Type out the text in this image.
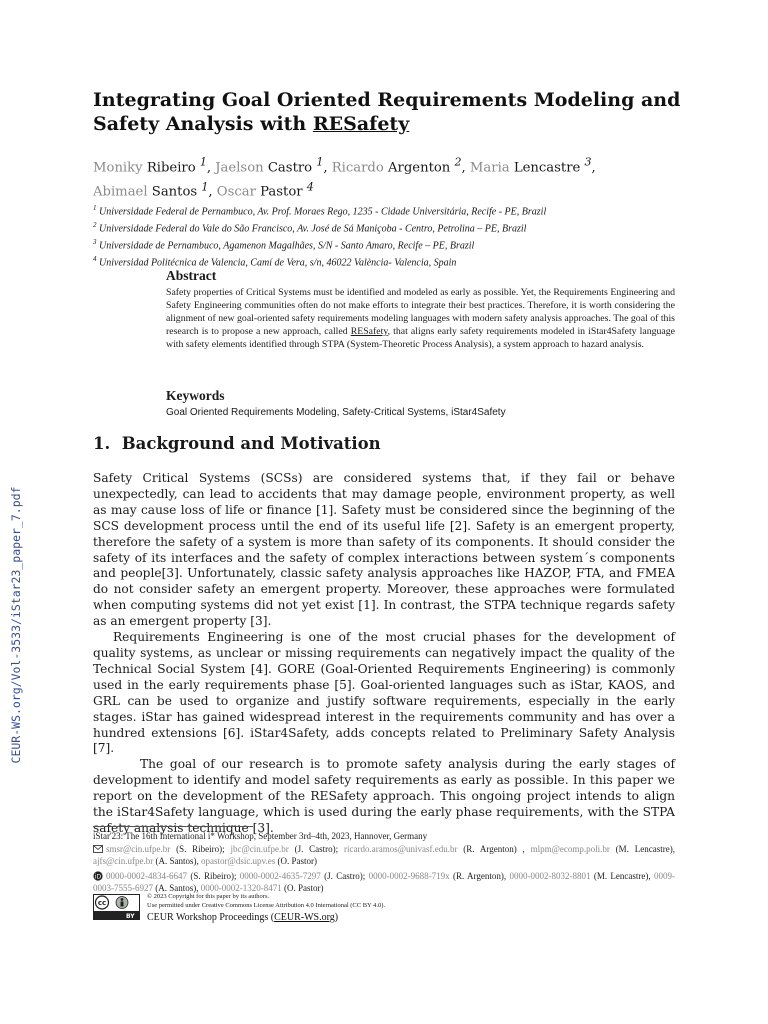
CEUR-WS.org/Vol-3533/iStar23_paper_7.pdf
Integrating Goal Oriented Requirements Modeling and
Safety Analysis with RESafety
Moniky Ribeiro $^1$, Jaelson Castro $^1$, Ricardo Argenton $^2$, Maria Lencastre $^3$,
Abimael Santos $^1$, Oscar Pastor $^4$
$^1$ Universidade Federal de Pernambuco, Av. Prof. Moraes Rego, 1235 - Cidade Universitária, Recife - PE, Brazil
$^2$ Universidade Federal do Vale do São Francisco, Av. José de Sá Maniçoba - Centro, Petrolina – PE, Brazil
$^3$ Universidade de Pernambuco, Agamenon Magalhães, S/N - Santo Amaro, Recife – PE, Brazil
$^4$ Universidad Politécnica de Valencia, Camí de Vera, s/n, 46022 València- Valencia, Spain
Abstract

Safety properties of Critical Systems must be identified and modeled as early as possible. Yet, the Requirements Engineering and Safety Engineering communities often do not make efforts to integrate their best practices. Therefore, it is worth considering the alignment of new goal-oriented safety requirements modeling languages with modern safety analysis approaches. The goal of this research is to propose a new approach, called RESafety, that aligns early safety requirements modeled in iStar4Safety language with safety elements identified through STPA (System-Theoretic Process Analysis), a system approach to hazard analysis.

Keywords

Goal Oriented Requirements Modeling, Safety-Critical Systems, iStar4Safety

1. Background and Motivation

Safety Critical Systems (SCSs) are considered systems that, if they fail or behave unexpectedly, can lead to accidents that may damage people, environment property, as well as may cause loss of life or finance [1]. Safety must be considered since the beginning of the SCS development process until the end of its useful life [2]. Safety is an emergent property, therefore the safety of a system is more than safety of its components. It should consider the safety of its interfaces and the safety of complex interactions between system´s components and people[3]. Unfortunately, classic safety analysis approaches like HAZOP, FTA, and FMEA do not consider safety an emergent property. Moreover, these approaches were formulated when computing systems did not yet exist [1]. In contrast, the STPA technique regards safety as an emergent property [3].

Requirements Engineering is one of the most crucial phases for the development of quality systems, as unclear or missing requirements can negatively impact the quality of the Technical Social System [4]. GORE (Goal-Oriented Requirements Engineering) is commonly used in the early requirements phase [5]. Goal-oriented languages such as iStar, KAOS, and GRL can be used to organize and justify software requirements, especially in the early stages. iStar has gained widespread interest in the requirements community and has over a hundred extensions [6]. iStar4Safety, adds concepts related to Preliminary Safety Analysis [7].

The goal of our research is to promote safety analysis during the early stages of development to identify and model safety requirements as early as possible. In this paper we report on the development of the RESafety approach. This ongoing project intends to align the iStar4Safety language, which is used during the early phase requirements, with the STPA safety analysis technique [3].

iStar'23: The 16th International i* Workshop, September 3rd–4th, 2023, Hannover, Germany
smsr@cin.ufpe.br (S. Ribeiro); jbc@cin.ufpe.br (J. Castro); ricardo.aramos@univasf.edu.br (R. Argenton) , mlpm@ecomp.poli.br (M. Lencastre), ajfs@cin.ufpe.br (A. Santos), opastor@dsic.upv.es (O. Pastor)
iD 0000-0002-4834-6647 (S. Ribeiro); 0000-0002-4635-7297 (J. Castro); 0000-0002-9688-719x (R. Argenton), 0000-0002-8032-8801 (M. Lencastre), 0009-0003-7555-6927 (A. Santos), 0000-0002-1320-8471 (O. Pastor)
cc
BY
© 2023 Copyright for this paper by its authors.
Use permitted under Creative Commons License Attribution 4.0 International (CC BY 4.0).
CEUR Workshop Proceedings (CEUR-WS.org)
